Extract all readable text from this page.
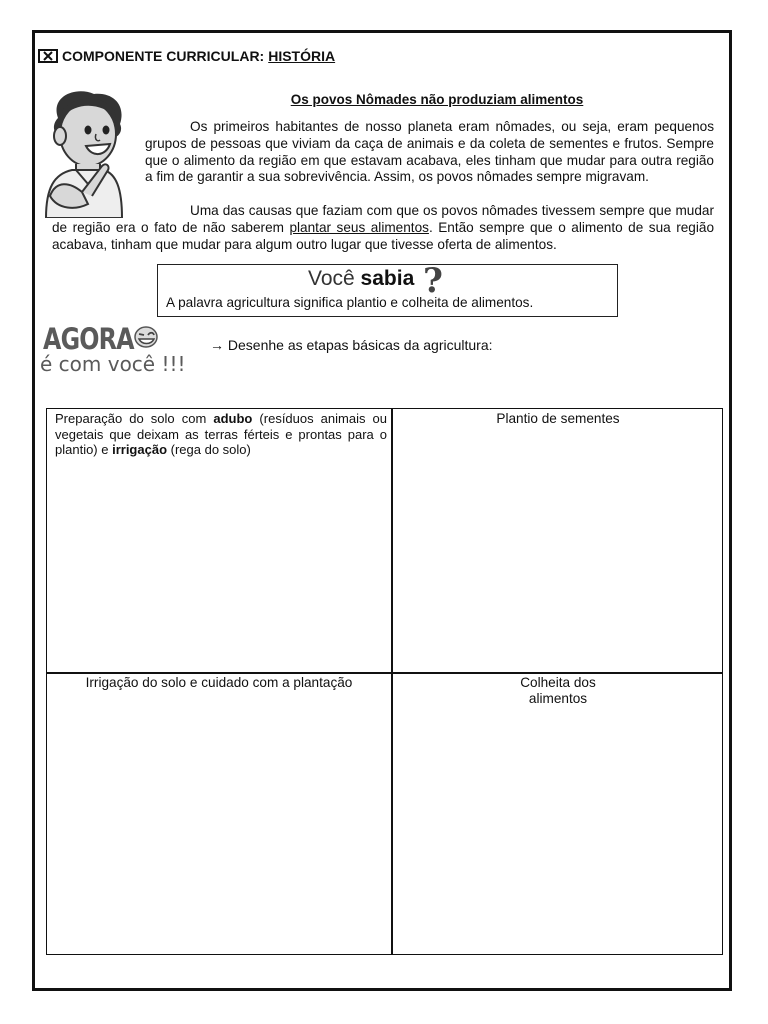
COMPONENTE CURRICULAR: HISTÓRIA
Os povos Nômades não produziam alimentos

Os primeiros habitantes de nosso planeta eram nômades, ou seja, eram pequenos grupos de pessoas que viviam da caça de animais e da coleta de sementes e frutos. Sempre que o alimento da região em que estavam acabava, eles tinham que mudar para outra região a fim de garantir a sua sobrevivência. Assim, os povos nômades sempre migravam.

Uma das causas que faziam com que os povos nômades tivessem sempre que mudar de região era o fato de não saberem plantar seus alimentos. Então sempre que o alimento de sua região acabava, tinham que mudar para algum outro lugar que tivesse oferta de alimentos.

Você sabia ?
A palavra agricultura significa plantio e colheita de alimentos.
AGORA
é com você !!!
→ Desenhe as etapas básicas da agricultura:
Preparação do solo com adubo (resíduos animais ou vegetais que deixam as terras férteis e prontas para o plantio) e irrigação (rega do solo)
Plantio de sementes
Irrigação do solo e cuidado com a plantação	Colheita dos
alimentos
